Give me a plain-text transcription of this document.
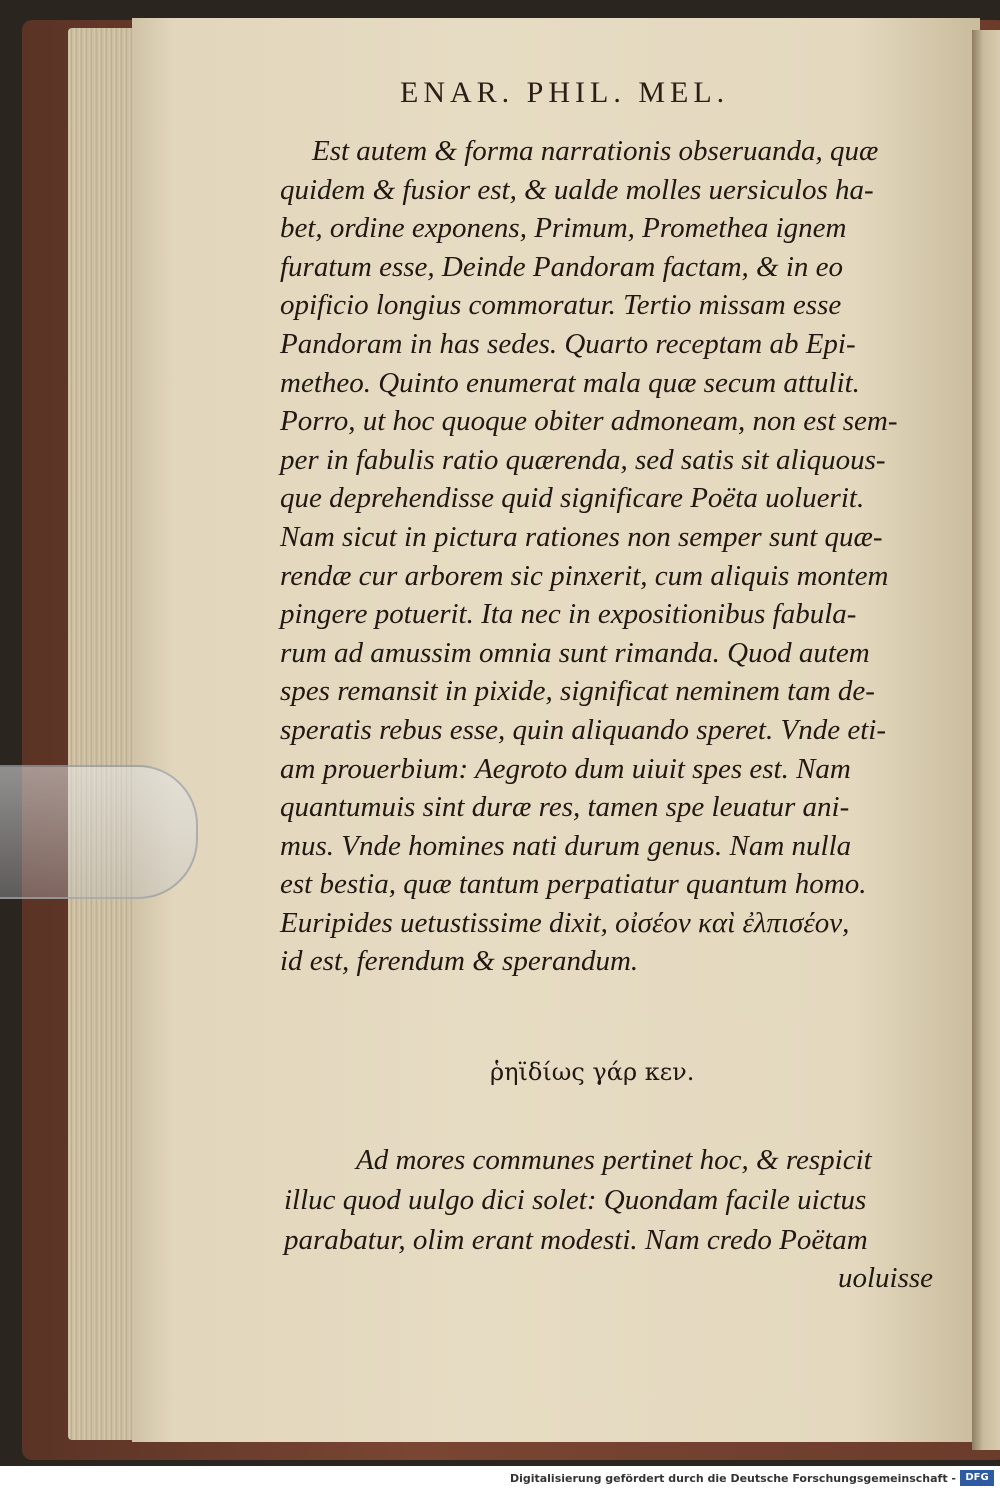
ENAR. PHIL. MEL.
Est autem & forma narrationis obseruanda, quæ
quidem & fusior est, & ualde molles uersiculos ha-
bet, ordine exponens, Primum, Promethea ignem
furatum esse, Deinde Pandoram factam, & in eo
opificio longius commoratur. Tertio missam esse
Pandoram in has sedes. Quarto receptam ab Epi-
metheo. Quinto enumerat mala quæ secum attulit.
Porro, ut hoc quoque obiter admoneam, non est sem-
per in fabulis ratio quærenda, sed satis sit aliquous-
que deprehendisse quid significare Poëta uoluerit.
Nam sicut in pictura rationes non semper sunt quæ-
rendæ cur arborem sic pinxerit, cum aliquis montem
pingere potuerit. Ita nec in expositionibus fabula-
rum ad amussim omnia sunt rimanda. Quod autem
spes remansit in pixide, significat neminem tam de-
speratis rebus esse, quin aliquando speret. Vnde eti-
am prouerbium: Aegroto dum uiuit spes est. Nam
quantumuis sint duræ res, tamen spe leuatur ani-
mus. Vnde homines nati durum genus. Nam nulla
est bestia, quæ tantum perpatiatur quantum homo.
Euripides uetustissime dixit, οἰσέον καὶ ἐλπισέον,
id est, ferendum & sperandum.
ῥηϊδίως γάρ κεν.
Ad mores communes pertinet hoc, & respicit
illuc quod uulgo dici solet: Quondam facile uictus
parabatur, olim erant modesti. Nam credo Poëtam
uoluisse
Digitalisierung gefördert durch die Deutsche Forschungsgemeinschaft - DFG
